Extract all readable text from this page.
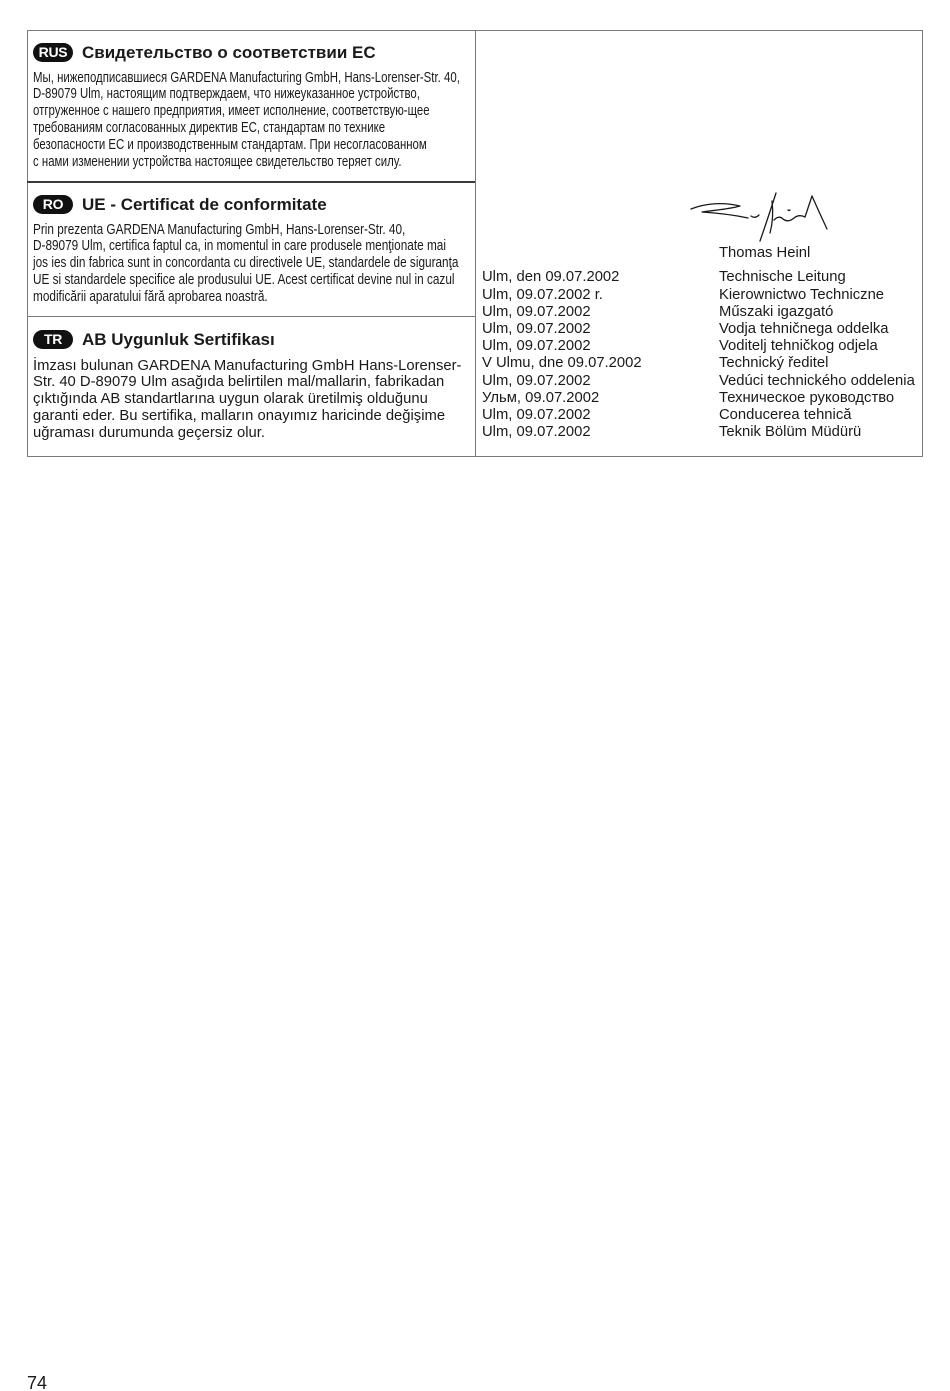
RUS Свидетельство о соответствии ЕС
Мы, нижеподписавшиеся GARDENA Manufacturing GmbH, Hans-Lorenser-Str. 40,
D-89079 Ulm, настоящим подтверждаем, что нижеуказанное устройство,
отгруженное с нашего предприятия, имеет исполнение, соответствую-щее
требованиям согласованных директив ЕС, стандартам по технике
безопасности ЕС и производственным стандартам. При несогласованном
с нами изменении устройства настоящее свидетельство теряет силу.
RO	UE - Certificat de conformitate
Prin prezenta GARDENA Manufacturing GmbH, Hans-Lorenser-Str. 40,
D-89079 Ulm, certifica faptul ca, in momentul in care produsele menţionate mai
jos ies din fabrica sunt in concordanta cu directivele UE, standardele de siguranţa
UE si standardele specifice ale produsului UE. Acest certificat devine nul in cazul
modificării aparatului fără aprobarea noastră.
TR	AB Uygunluk Sertifikası
İmzası bulunan GARDENA Manufacturing GmbH Hans-Lorenser-
Str. 40 D-89079 Ulm asağıda belirtilen mal/mallarin, fabrikadan
çıktığında AB standartlarına uygun olarak üretilmiş olduğunu
garanti eder. Bu sertifika, malların onayımız haricinde değişime
uğraması durumunda geçersiz olur.
Thomas Heinl
Ulm, den 09.07.2002	Technische Leitung
Ulm, 09.07.2002 r.	Kierownictwo Techniczne
Ulm, 09.07.2002	Műszaki igazgató
Ulm, 09.07.2002	Vodja tehničnega oddelka
Ulm, 09.07.2002	Voditelj tehničkog odjela
V Ulmu, dne 09.07.2002	Technický ředitel
Ulm, 09.07.2002	Vedúci technického oddelenia
Ульм, 09.07.2002	Техническое руководство
Ulm, 09.07.2002	Conducerea tehnică
Ulm, 09.07.2002	Teknik Bölüm Müdürü
74
